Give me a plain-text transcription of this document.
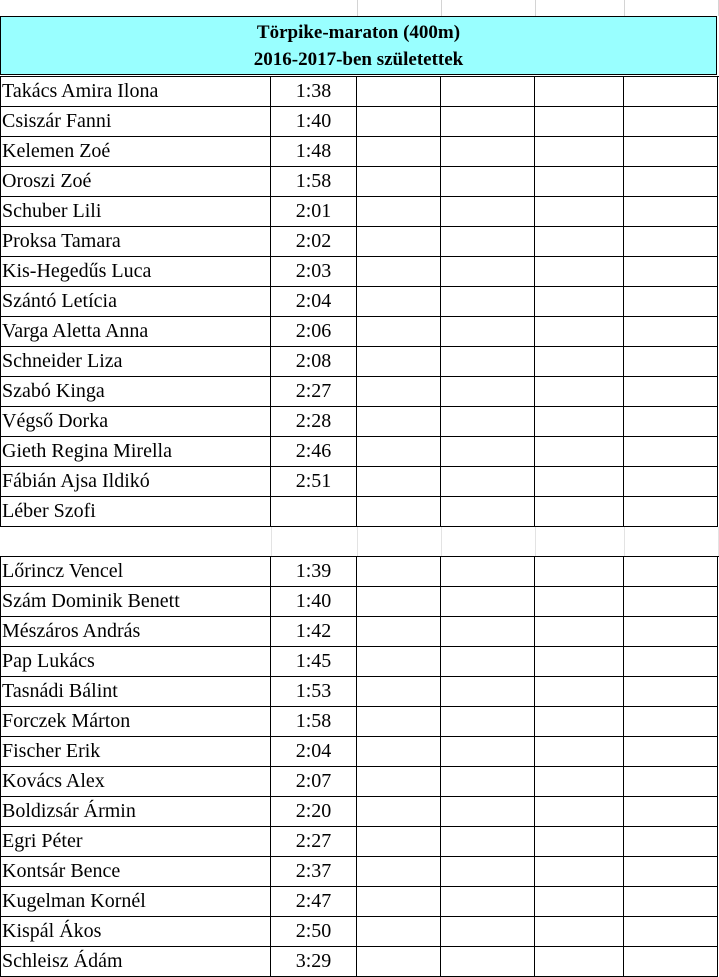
Törpike-maraton (400m)
2016-2017-ben születettek
Takács Amira Ilona	1:38
Csiszár Fanni	1:40
Kelemen Zoé	1:48
Oroszi Zoé	1:58
Schuber Lili	2:01
Proksa Tamara	2:02
Kis-Hegedűs Luca	2:03
Szántó Letícia	2:04
Varga Aletta Anna	2:06
Schneider Liza	2:08
Szabó Kinga	2:27
Végső Dorka	2:28
Gieth Regina Mirella	2:46
Fábián Ajsa Ildikó	2:51
Léber Szofi
Lőrincz Vencel	1:39
Szám Dominik Benett	1:40
Mészáros András	1:42
Pap Lukács	1:45
Tasnádi Bálint	1:53
Forczek Márton	1:58
Fischer Erik	2:04
Kovács Alex	2:07
Boldizsár Ármin	2:20
Egri Péter	2:27
Kontsár Bence	2:37
Kugelman Kornél	2:47
Kispál Ákos	2:50
Schleisz Ádám	3:29
